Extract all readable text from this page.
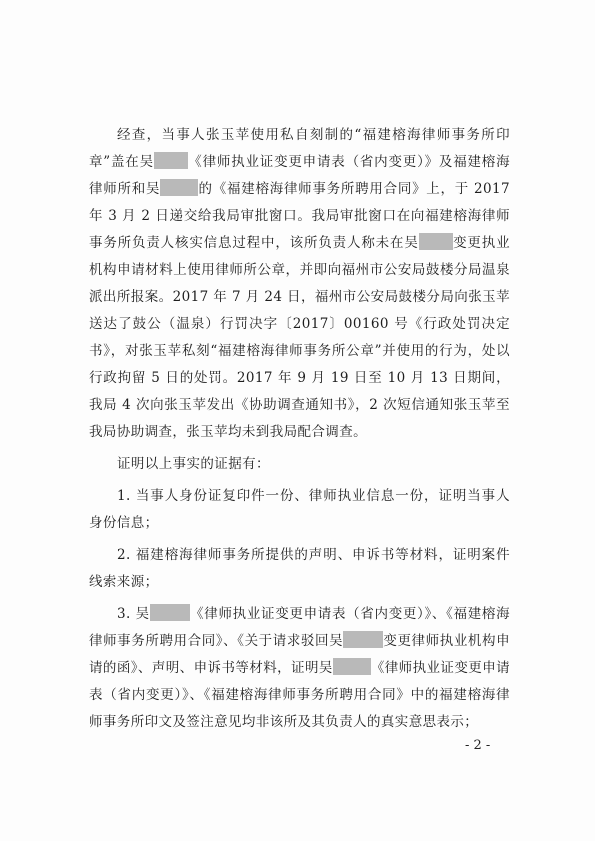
经查，当事人张玉苹使用私自刻制的“福建榕海律师事务所印章”盖在吴	《律师执业证变更申请表（省内变更）》及福建榕海律师所和吴	的《福建榕海律师事务所聘用合同》上，于 2017 年 3 月 2 日递交给我局审批窗口。我局审批窗口在向福建榕海律师事务所负责人核实信息过程中，该所负责人称未在吴	变更执业机构申请材料上使用律师所公章，并即向福州市公安局鼓楼分局温泉派出所报案。2017 年 7 月 24 日，福州市公安局鼓楼分局向张玉苹送达了鼓公（温泉）行罚决字〔2017〕00160 号《行政处罚决定书》，对张玉苹私刻“福建榕海律师事务所公章”并使用的行为，处以行政拘留 5 日的处罚。2017 年 9 月 19 日至 10 月 13 日期间，我局 4 次向张玉苹发出《协助调查通知书》，2 次短信通知张玉苹至我局协助调查，张玉苹均未到我局配合调查。

证明以上事实的证据有：

1. 当事人身份证复印件一份、律师执业信息一份，证明当事人身份信息；

2. 福建榕海律师事务所提供的声明、申诉书等材料，证明案件线索来源；

3. 吴	《律师执业证变更申请表（省内变更）》、《福建榕海律师事务所聘用合同》、《关于请求驳回吴	变更律师执业机构申请的函》、声明、申诉书等材料，证明吴	《律师执业证变更申请表（省内变更）》、《福建榕海律师事务所聘用合同》中的福建榕海律师事务所印文及签注意见均非该所及其负责人的真实意思表示；

- 2 -
